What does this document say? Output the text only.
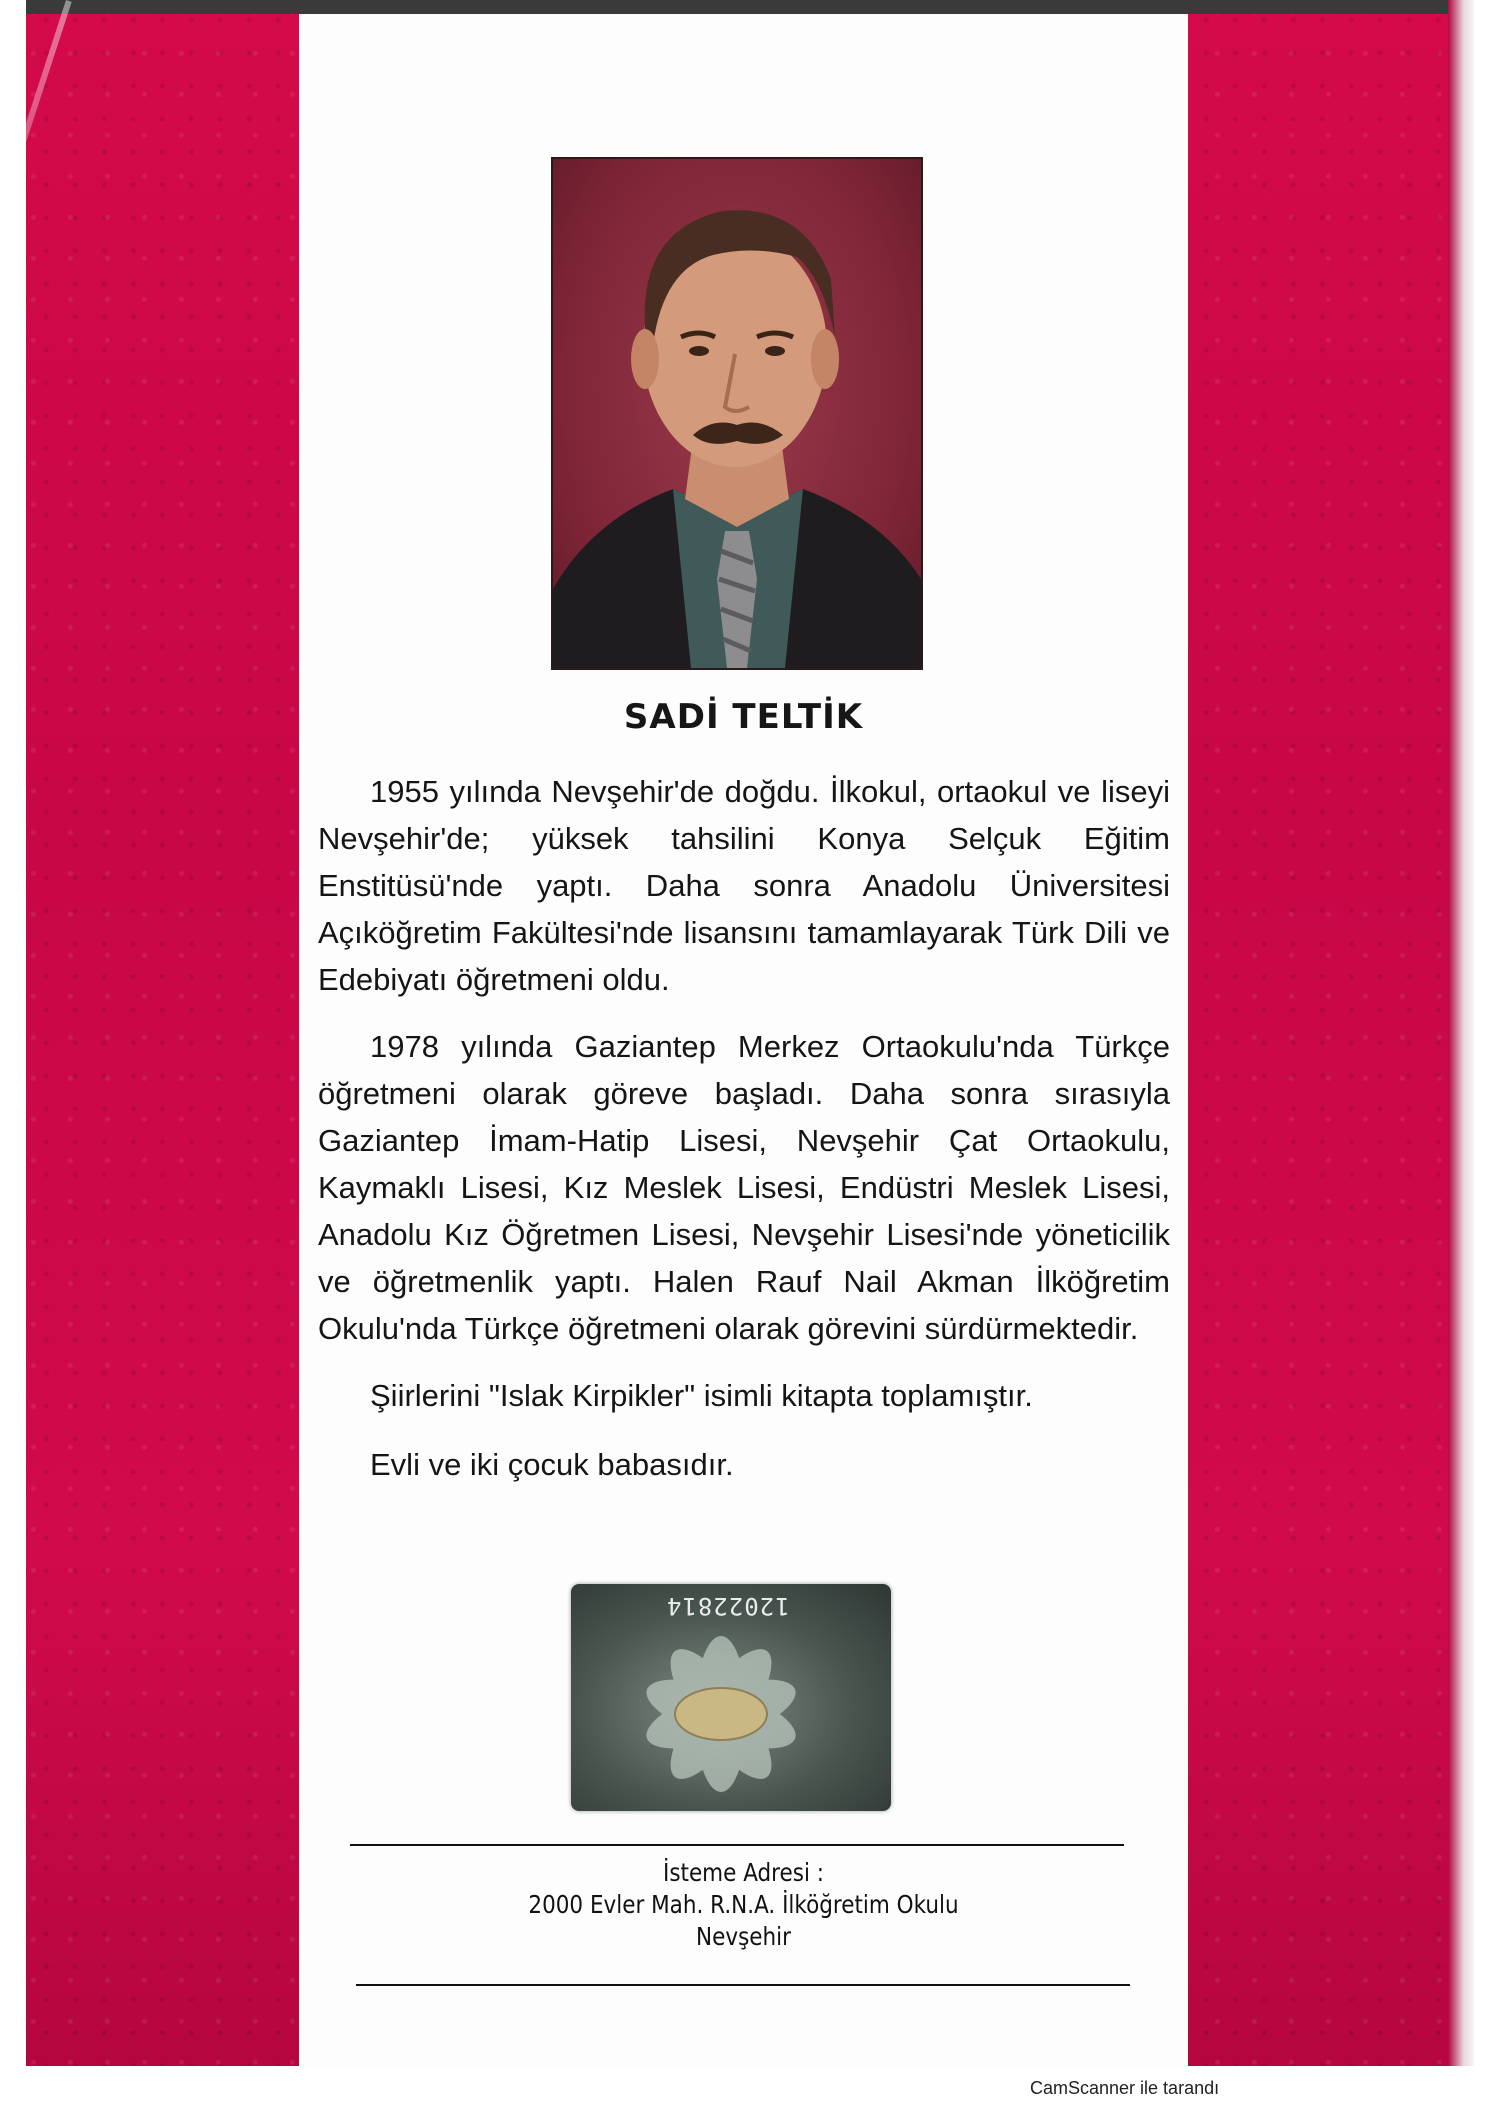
SADİ TELTİK

1955 yılında Nevşehir'de doğdu. İlkokul, ortaokul ve liseyi Nevşehir'de; yüksek tahsilini Konya Selçuk Eğitim Enstitüsü'nde yaptı. Daha sonra Anadolu Üniversitesi Açıköğretim Fakültesi'nde lisansını tamamlayarak Türk Dili ve Edebiyatı öğretmeni oldu.

1978 yılında Gaziantep Merkez Ortaokulu'nda Türkçe öğretmeni olarak göreve başladı. Daha sonra sırasıyla Gaziantep İmam-Hatip Lisesi, Nevşehir Çat Ortaokulu, Kaymaklı Lisesi, Kız Meslek Lisesi, Endüstri Meslek Lisesi, Anadolu Kız Öğretmen Lisesi, Nevşehir Lisesi'nde yöneticilik ve öğretmenlik yaptı. Halen Rauf Nail Akman İlköğretim Okulu'nda Türkçe öğretmeni olarak görevini sürdürmektedir.

Şiirlerini "Islak Kirpikler" isimli kitapta toplamıştır.

Evli ve iki çocuk babasıdır.

12022814
İsteme Adresi :
2000 Evler Mah. R.N.A. İlköğretim Okulu
Nevşehir
CamScanner ile tarandı
